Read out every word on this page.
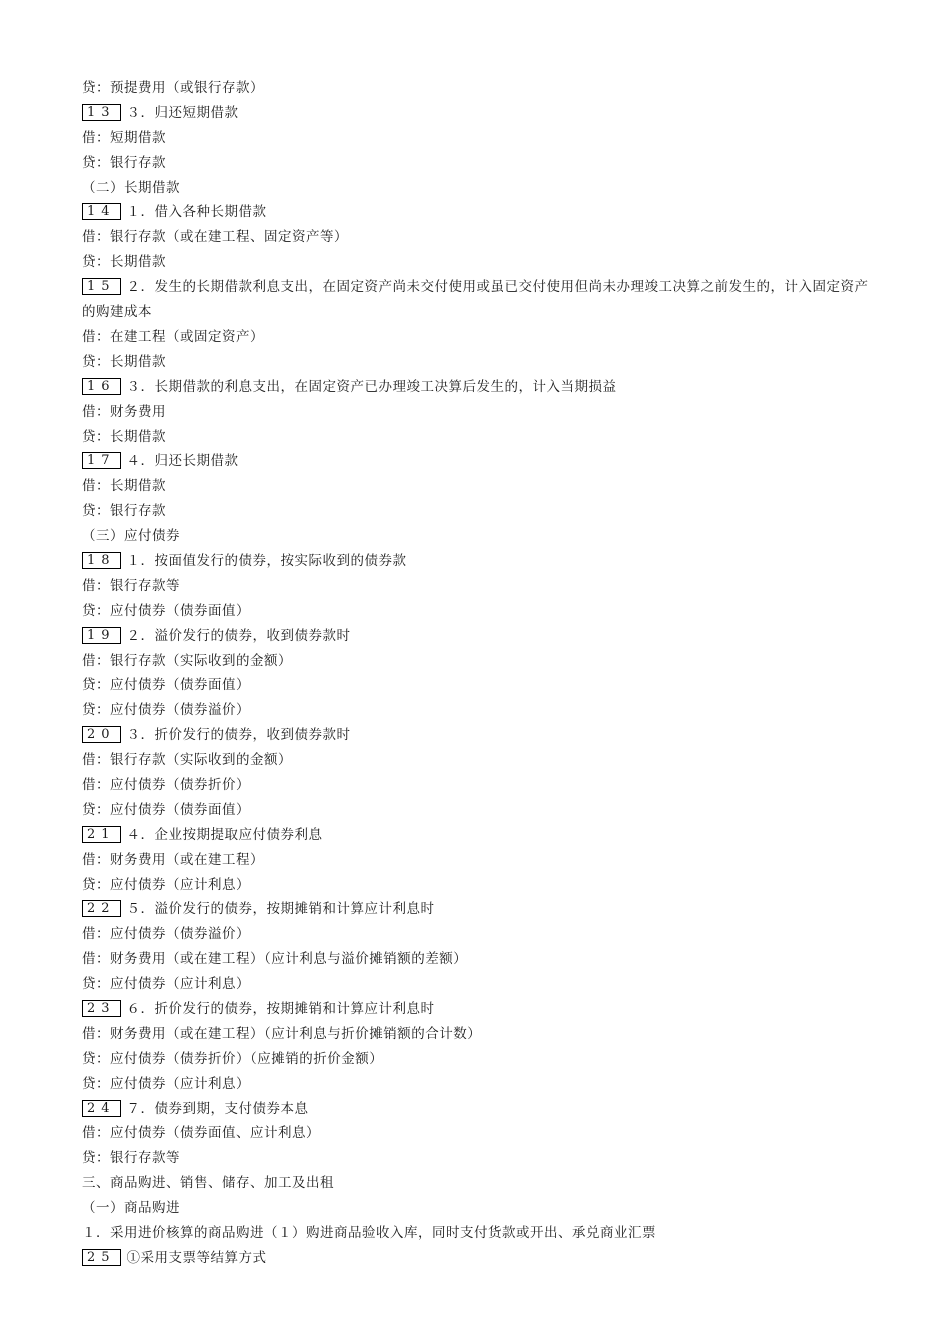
贷：预提费用（或银行存款）
13 ３．归还短期借款
借：短期借款
贷：银行存款
（二）长期借款
14 １．借入各种长期借款
借：银行存款（或在建工程、固定资产等）
贷：长期借款
15 ２．发生的长期借款利息支出，在固定资产尚未交付使用或虽已交付使用但尚未办理竣工决算之前发生的，计入固定资产的购建成本
借：在建工程（或固定资产）
贷：长期借款
16 ３．长期借款的利息支出，在固定资产已办理竣工决算后发生的，计入当期损益
借：财务费用
贷：长期借款
17 ４．归还长期借款
借：长期借款
贷：银行存款
（三）应付债券
18 １．按面值发行的债券，按实际收到的债券款
借：银行存款等
贷：应付债券（债券面值）
19 ２．溢价发行的债券，收到债券款时
借：银行存款（实际收到的金额）
贷：应付债券（债券面值）
贷：应付债券（债券溢价）
20 ３．折价发行的债券，收到债券款时
借：银行存款（实际收到的金额）
借：应付债券（债券折价）
贷：应付债券（债券面值）
21 ４．企业按期提取应付债券利息
借：财务费用（或在建工程）
贷：应付债券（应计利息）
22 ５．溢价发行的债券，按期摊销和计算应计利息时
借：应付债券（债券溢价）
借：财务费用（或在建工程）（应计利息与溢价摊销额的差额）
贷：应付债券（应计利息）
23 ６．折价发行的债券，按期摊销和计算应计利息时
借：财务费用（或在建工程）（应计利息与折价摊销额的合计数）
贷：应付债券（债券折价）（应摊销的折价金额）
贷：应付债券（应计利息）
24 ７．债券到期，支付债券本息
借：应付债券（债券面值、应计利息）
贷：银行存款等
三、商品购进、销售、储存、加工及出租
（一）商品购进
１．采用进价核算的商品购进（１）购进商品验收入库，同时支付货款或开出、承兑商业汇票
25 ①采用支票等结算方式
